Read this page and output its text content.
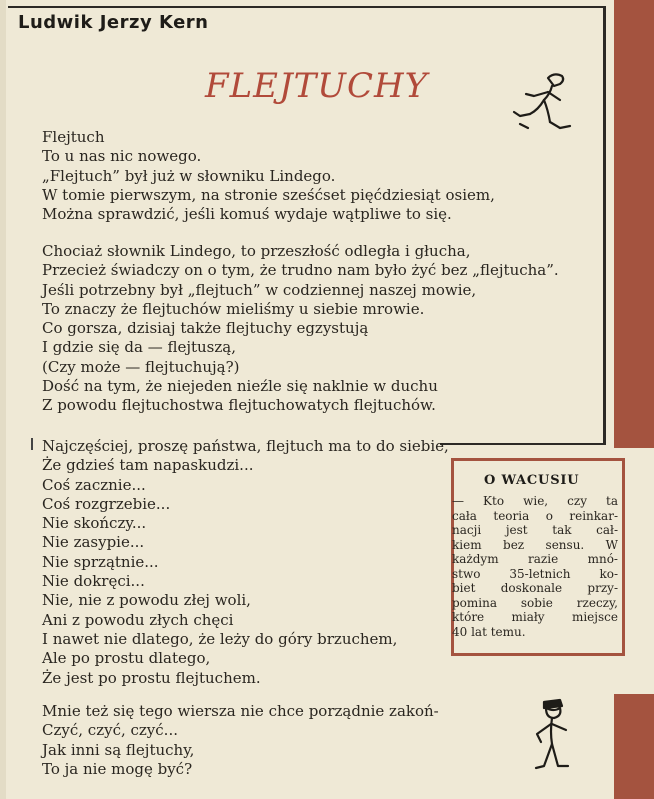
Ludwik Jerzy Kern
FLEJTUCHY
Flejtuch
To u nas nic nowego.
„Flejtuch” był już w słowniku Lindego.
W tomie pierwszym, na stronie sześćset pięćdziesiąt osiem,
Można sprawdzić, jeśli komuś wydaje wątpliwe to się.
Chociaż słownik Lindego, to przeszłość odległa i głucha,
Przecież świadczy on o tym, że trudno nam było żyć bez „flejtucha”.
Jeśli potrzebny był „flejtuch” w codziennej naszej mowie,
To znaczy że flejtuchów mieliśmy u siebie mrowie.
Co gorsza, dzisiaj także flejtuchy egzystują
I gdzie się da — flejtuszą,
(Czy może — flejtuchują?)
Dość na tym, że niejeden nieźle się naklnie w duchu
Z powodu flejtuchostwa flejtuchowatych flejtuchów.
Najczęściej, proszę państwa, flejtuch ma to do siebie,
Że gdzieś tam napaskudzi...
Coś zacznie...
Coś rozgrzebie...
Nie skończy...
Nie zasypie...
Nie sprzątnie...
Nie dokręci...
Nie, nie z powodu złej woli,
Ani z powodu złych chęci
I nawet nie dlatego, że leży do góry brzuchem,
Ale po prostu dlatego,
Że jest po prostu flejtuchem.
O WACUSIU
— Kto wie, czy ta
cała teoria o reinkar-
nacji jest tak cał-
kiem bez sensu. W
każdym razie mnó-
stwo 35-letnich ko-
biet doskonale przy-
pomina sobie rzeczy,
które miały miejsce
40 lat temu.
Mnie też się tego wiersza nie chce porządnie zakoń-
Czyć, czyć, czyć...
Jak inni są flejtuchy,
To ja nie mogę być?
